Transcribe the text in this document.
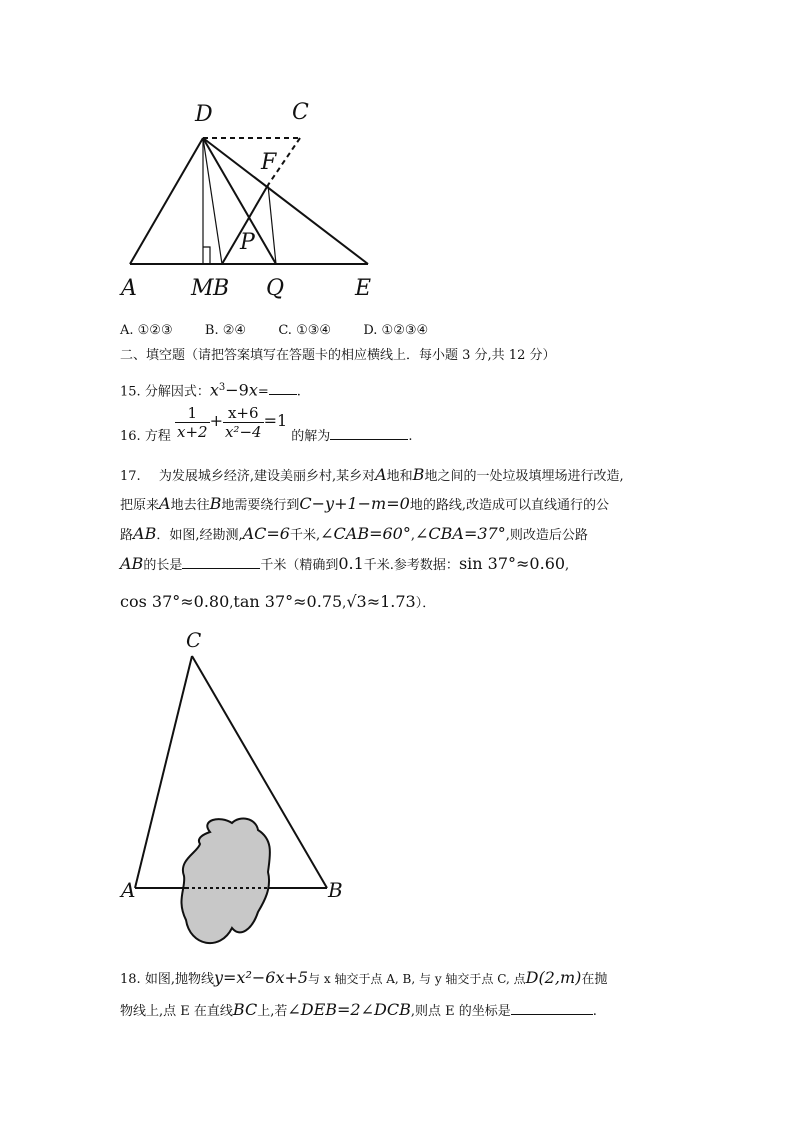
D	C
F
P
A M B Q	E
A. ①②③ B. ②④ C. ①③④ D. ①②③④
二、填空题（请把答案填写在答题卡的相应横线上．每小题 3 分,共 12 分）
15. 分解因式：$x^3-9x=$ .
16. 方程 $\frac{1}{x+2} + \frac{x+6}{\text{x²−4}} =1$ 的解为	.
17. 为发展城乡经济,建设美丽乡村,某乡对A地和B地之间的一处垃圾填埋场进行改造,
把原来A地去往B地需要绕行到C−y+1−m=0地的路线,改造成可以直线通行的公
路AB．如图,经勘测,AC=6千米,∠CAB=60°,∠CBA=37°,则改造后公路
AB的长是	千米（精确到0.1千米.参考数据：sin 37°≈0.60,
cos 37°≈0.80,tan 37°≈0.75,√3≈1.73）．
C
A	B
18. 如图,抛物线y=x²−6x+5与 x 轴交于点 A, B, 与 y 轴交于点 C, 点D(2,m)在抛
物线上,点 E 在直线BC上,若∠DEB=2∠DCB,则点 E 的坐标是	.
